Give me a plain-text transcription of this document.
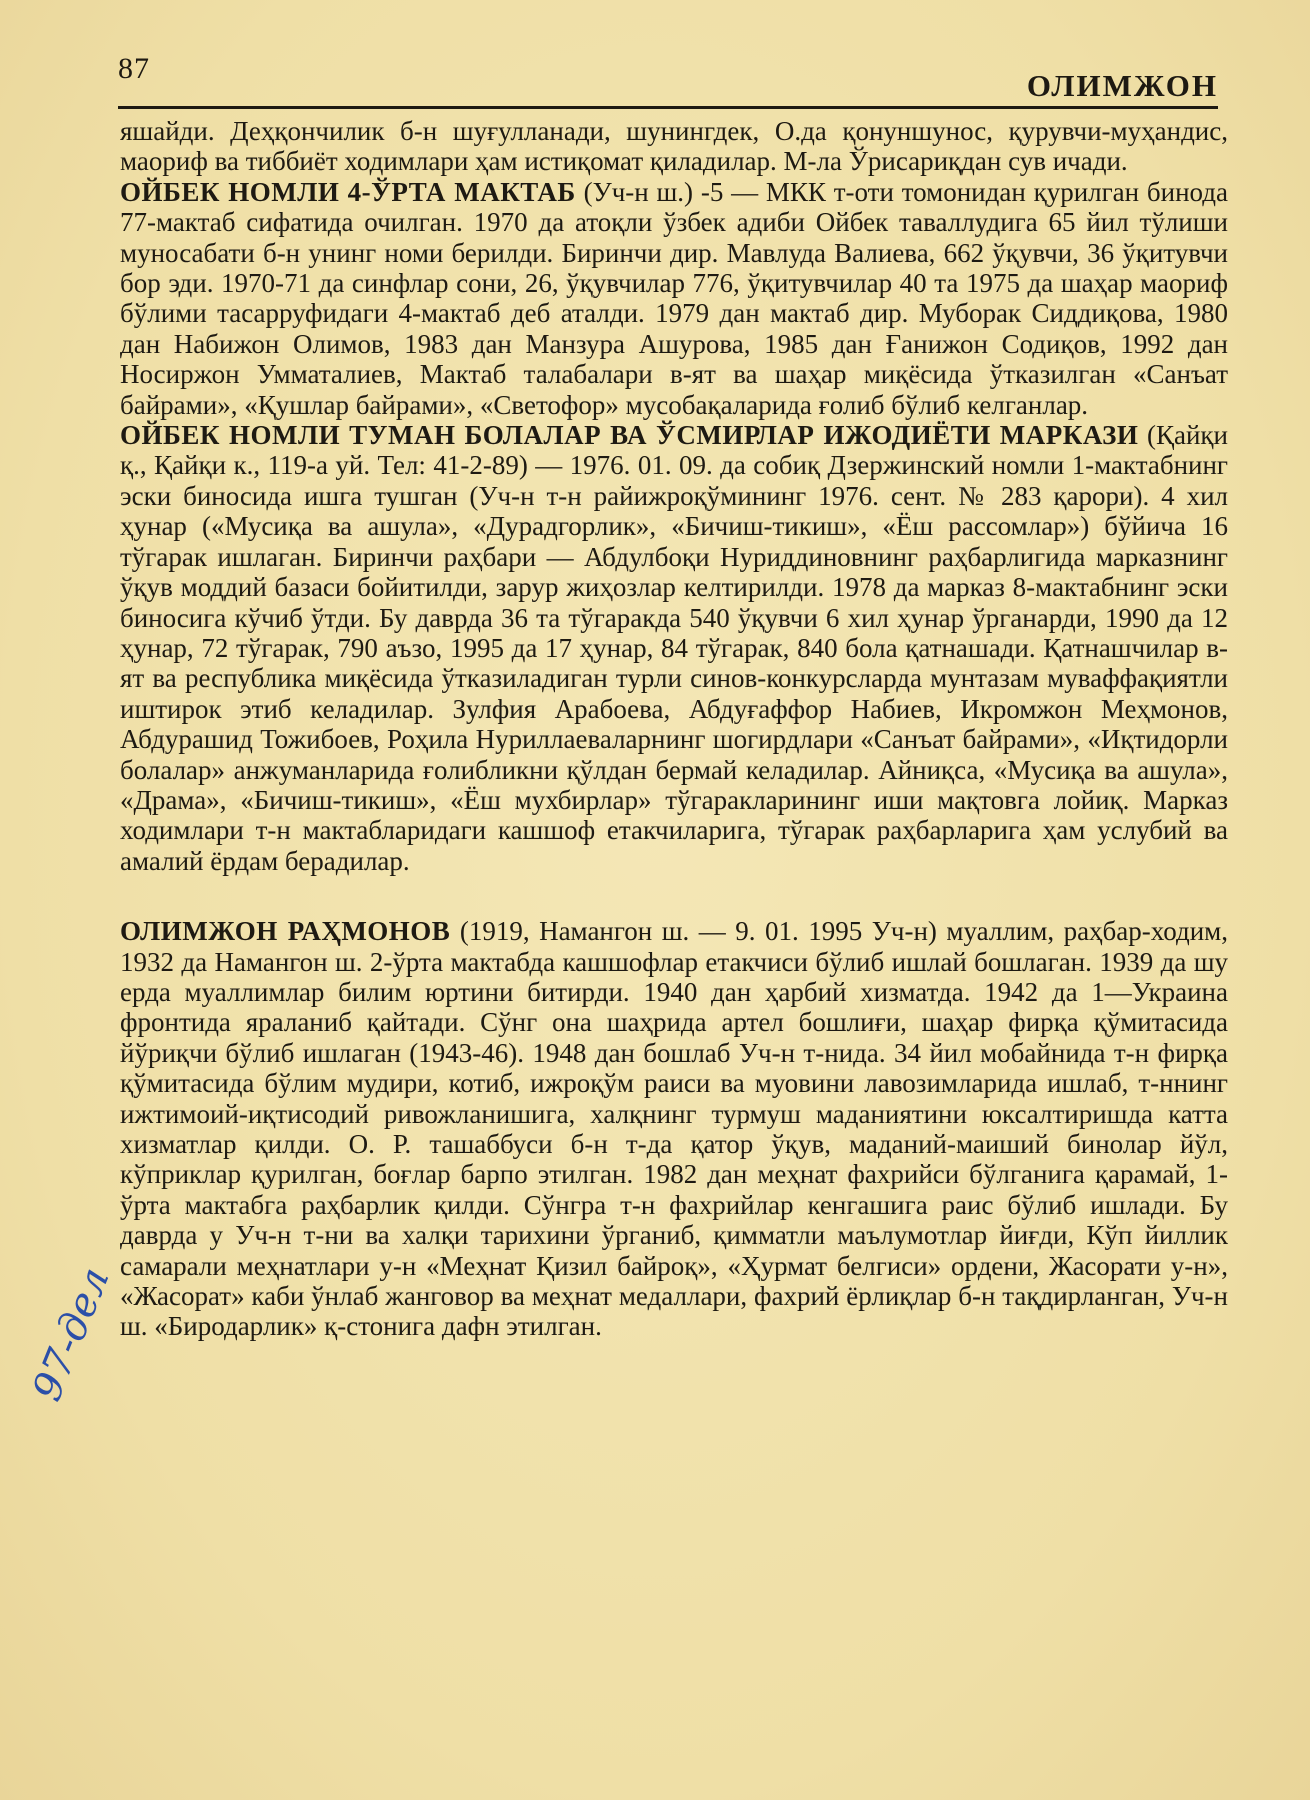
87	ОЛИМЖОН

яшайди. Деҳқончилик б-н шуғулланади, шунингдек, О.да қонуншунос, қурувчи-муҳандис, маориф ва тиббиёт ходимлари ҳам истиқомат қиладилар. М-ла Ўрисариқдан сув ичади.

ОЙБЕК НОМЛИ 4-ЎРТА МАКТАБ (Уч-н ш.) -5 — МКК т-оти томонидан қурилган бинода 77-мактаб сифатида очилган. 1970 да атоқли ўзбек адиби Ойбек таваллудига 65 йил тўлиши муносабати б-н унинг номи берилди. Биринчи дир. Мавлуда Валиева, 662 ўқувчи, 36 ўқитувчи бор эди. 1970-71 да синфлар сони, 26, ўқувчилар 776, ўқитувчилар 40 та 1975 да шаҳар маориф бўлими тасарруфидаги 4-мактаб деб аталди. 1979 дан мактаб дир. Муборак Сиддиқова, 1980 дан Набижон Олимов, 1983 дан Манзура Ашурова, 1985 дан Ғанижон Содиқов, 1992 дан Носиржон Умматалиев, Мактаб талабалари в-ят ва шаҳар миқёсида ўтказилган «Санъат байрами», «Қушлар байрами», «Светофор» мусобақаларида ғолиб бўлиб келганлар.

ОЙБЕК НОМЛИ ТУМАН БОЛАЛАР ВА ЎСМИРЛАР ИЖОДИЁТИ МАРКАЗИ (Қайқи қ., Қайқи к., 119-а уй. Тел: 41-2-89) — 1976. 01. 09. да собиқ Дзержинский номли 1-мактабнинг эски биносида ишга тушган (Уч-н т-н райижроқўмининг 1976. сент. № 283 қарори). 4 хил ҳунар («Мусиқа ва ашула», «Дурадгорлик», «Бичиш-тикиш», «Ёш рассомлар») бўйича 16 тўгарак ишлаган. Биринчи раҳбари — Абдулбоқи Нуриддиновнинг раҳбарлигида марказнинг ўқув моддий базаси бойитилди, зарур жиҳозлар келтирилди. 1978 да марказ 8-мактабнинг эски биносига кўчиб ўтди. Бу даврда 36 та тўгаракда 540 ўқувчи 6 хил ҳунар ўрганарди, 1990 да 12 ҳунар, 72 тўгарак, 790 аъзо, 1995 да 17 ҳунар, 84 тўгарак, 840 бола қатнашади. Қатнашчилар в-ят ва республика миқёсида ўтказиладиган турли синов-конкурсларда мунтазам муваффақиятли иштирок этиб келадилар. Зулфия Арабоева, Абдуғаффор Набиев, Икромжон Меҳмонов, Абдурашид Тожибоев, Роҳила Нуриллаеваларнинг шогирдлари «Санъат байрами», «Иқтидорли болалар» анжуманларида ғолибликни қўлдан бермай келадилар. Айниқса, «Мусиқа ва ашула», «Драма», «Бичиш-тикиш», «Ёш мухбирлар» тўгаракларининг иши мақтовга лойиқ. Марказ ходимлари т-н мактабларидаги кашшоф етакчиларига, тўгарак раҳбарларига ҳам услубий ва амалий ёрдам берадилар.

ОЛИМЖОН РАҲМОНОВ (1919, Намангон ш. — 9. 01. 1995 Уч-н) муаллим, раҳбар-ходим, 1932 да Намангон ш. 2-ўрта мактабда кашшофлар етакчиси бўлиб ишлай бошлаган. 1939 да шу ерда муаллимлар билим юртини битирди. 1940 дан ҳарбий хизматда. 1942 да 1—Украина фронтида яраланиб қайтади. Сўнг она шаҳрида артел бошлиғи, шаҳар фирқа қўмитасида йўриқчи бўлиб ишлаган (1943-46). 1948 дан бошлаб Уч-н т-нида. 34 йил мобайнида т-н фирқа қўмитасида бўлим мудири, котиб, ижроқўм раиси ва муовини лавозимларида ишлаб, т-ннинг ижтимоий-иқтисодий ривожланишига, халқнинг турмуш маданиятини юксалтиришда катта хизматлар қилди. О. Р. ташаббуси б-н т-да қатор ўқув, маданий-маиший бинолар йўл, кўприклар қурилган, боғлар барпо этилган. 1982 дан меҳнат фахрийси бўлганига қарамай, 1-ўрта мактабга раҳбарлик қилди. Сўнгра т-н фахрийлар кенгашига раис бўлиб ишлади. Бу даврда у Уч-н т-ни ва халқи тарихини ўрганиб, қимматли маълумотлар йиғди, Кўп йиллик самарали меҳнатлари у-н «Меҳнат Қизил байроқ», «Ҳурмат белгиси» ордени, Жасорати у-н», «Жасорат» каби ўнлаб жанговор ва меҳнат медаллари, фахрий ёрлиқлар б-н тақдирланган, Уч-н ш. «Биродарлик» қ-стонига дафн этилган.

97-дел
